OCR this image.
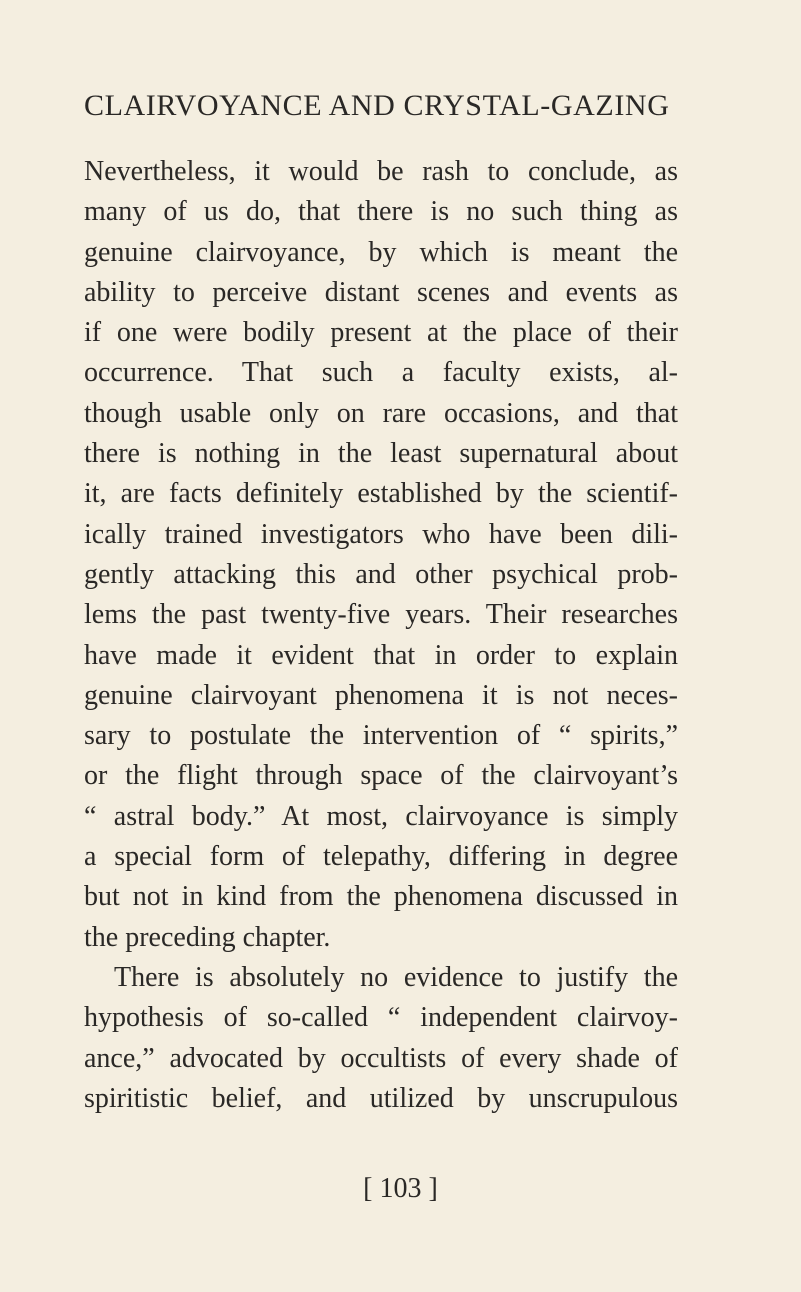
CLAIRVOYANCE AND CRYSTAL-GAZING
Nevertheless, it would be rash to conclude, as
many of us do, that there is no such thing as
genuine clairvoyance, by which is meant the
ability to perceive distant scenes and events as
if one were bodily present at the place of their
occurrence. That such a faculty exists, al-
though usable only on rare occasions, and that
there is nothing in the least supernatural about
it, are facts definitely established by the scientif-
ically trained investigators who have been dili-
gently attacking this and other psychical prob-
lems the past twenty-five years. Their researches
have made it evident that in order to explain
genuine clairvoyant phenomena it is not neces-
sary to postulate the intervention of “ spirits,”
or the flight through space of the clairvoyant’s
“ astral body.” At most, clairvoyance is simply
a special form of telepathy, differing in degree
but not in kind from the phenomena discussed in
the preceding chapter.
There is absolutely no evidence to justify the
hypothesis of so-called “ independent clairvoy-
ance,” advocated by occultists of every shade of
spiritistic belief, and utilized by unscrupulous
[ 103 ]
